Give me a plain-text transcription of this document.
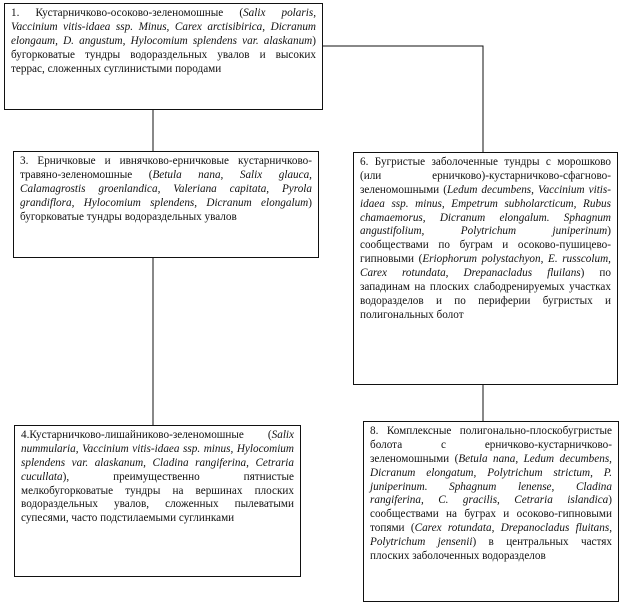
1. Кустарничково-осоково-зеленомошные (Salix polaris, Vaccinium vitis-idaea ssp. Minus, Carex arctisibirica, Dicranum elongaum, D. angustum, Hylocomium splendens var. alaskanum) бугорковатые тундры водораздельных увалов и высоких террас, сложенных суглинистыми породами

3. Ерничковые и ивнячково-ерничковые кустарничково-травяно-зеленомошные (Betula nana, Salix glauca, Calamagrostis groenlandica, Valeriana capitata, Pyrola grandiflora, Hylocomium splendens, Dicranum elongalum) бугорковатые тундры водораздельных увалов

4.Кустарничково-лишайниково-зеленомошные (Salix nummularia, Vaccinium vitis-idaea ssp. minus, Hylocomium splendens var. alaskanum, Cladina rangiferina, Cetraria cucullata), преимущественно пятнистые мелкобугорковатые тундры на вершинах плоских водораздельных увалов, сложенных пылеватыми супесями, часто подстилаемыми суглинками

6. Бугристые заболоченные тундры с морошково (или ерничково)-кустарничково-сфагново-зеленомошными (Ledum decumbens, Vaccinium vitis-idaea ssp. minus, Empetrum subholarcticum, Rubus chamaemorus, Dicranum elongalum. Sphagnum angustifolium, Polytrichum juniperinum) сообществами по буграм и осоково-пушицево-гипновыми (Eriophorum polystachyon, E. russcolum, Carex rotundata, Drepanacladus fluilans) по западинам на плоских слабодренируемых участках водоразделов и по периферии бугристых и полигональных болот

8. Комплексные полигонально-плоскобугристые болота с ерничково-кустарничково-зеленомошными (Betula nana, Ledum decumbens, Dicranum elongatum, Polytrichum strictum, P. juniperinum. Sphagnum lenense, Cladina rangiferina, C. gracilis, Cetraria islandica) сообществами на буграх и осоково-гипновыми топями (Carex rotundata, Drepanocladus fluitans, Polytrichum jensenii) в центральных частях плоских заболоченных водоразделов
